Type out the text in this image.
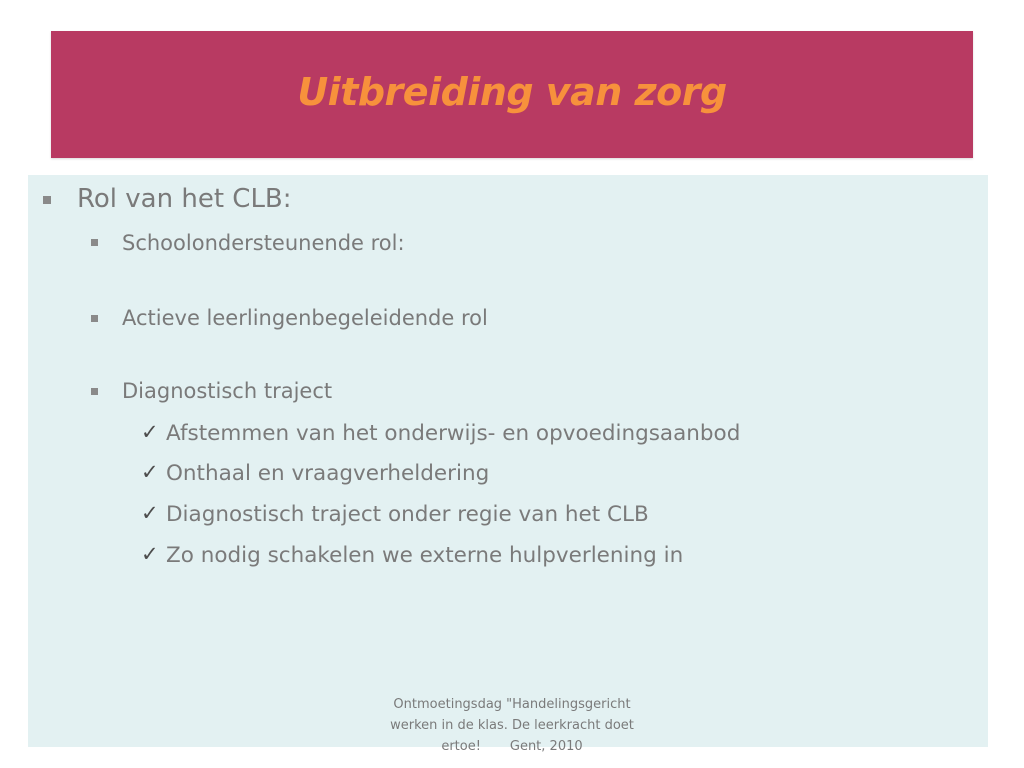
Uitbreiding van zorg
Rol van het CLB:
Schoolondersteunende rol:
Actieve leerlingenbegeleidende rol
Diagnostisch traject
✓ Afstemmen van het onderwijs- en opvoedingsaanbod
✓ Onthaal en vraagverheldering
✓ Diagnostisch traject onder regie van het CLB
✓ Zo nodig schakelen we externe hulpverlening in
Ontmoetingsdag "Handelingsgericht werken in de klas. De leerkracht doet ertoe!       Gent, 2010
